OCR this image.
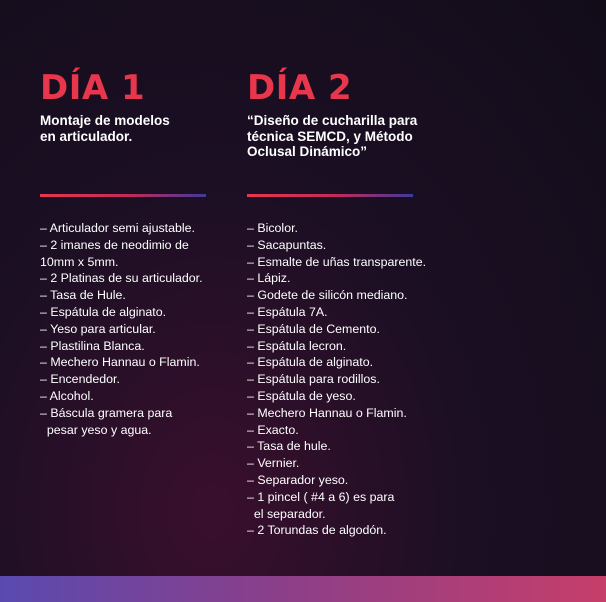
DÍA 1
Montaje de modelos
en articulador.
DÍA 2
“Diseño de cucharilla para
técnica SEMCD, y Método
Oclusal Dinámico”
– Articulador semi ajustable.
– 2 imanes de neodimio de
10mm x 5mm.
– 2 Platinas de su articulador.
– Tasa de Hule.
– Espátula de alginato.
– Yeso para articular.
– Plastilina Blanca.
– Mechero Hannau o Flamin.
– Encendedor.
– Alcohol.
– Báscula gramera para
pesar yeso y agua.
– Bicolor.
– Sacapuntas.
– Esmalte de uñas transparente.
– Lápiz.
– Godete de silicón mediano.
– Espátula 7A.
– Espátula de Cemento.
– Espátula lecron.
– Espátula de alginato.
– Espátula para rodillos.
– Espátula de yeso.
– Mechero Hannau o Flamin.
– Exacto.
– Tasa de hule.
– Vernier.
– Separador yeso.
– 1 pincel ( #4 a 6) es para
el separador.
– 2 Torundas de algodón.
